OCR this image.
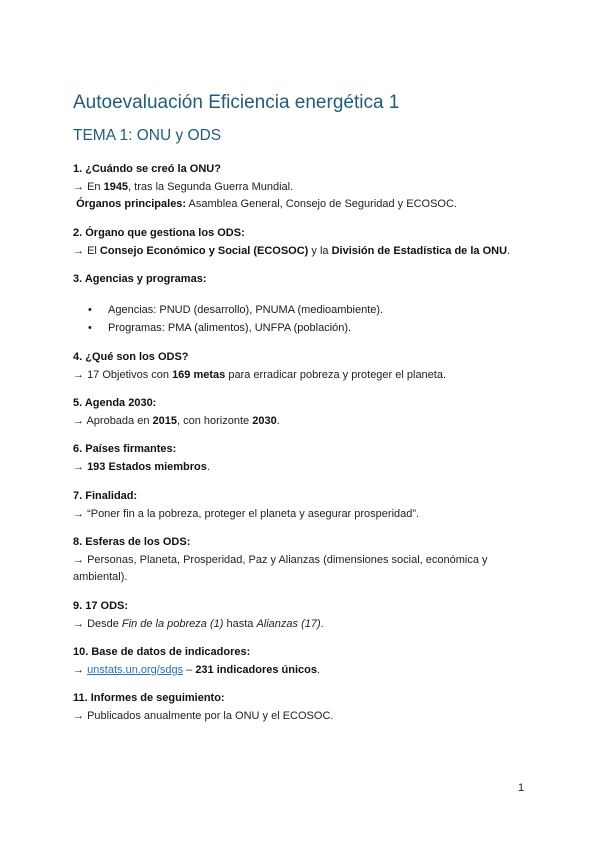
Autoevaluación Eficiencia energética 1
TEMA 1: ONU y ODS
1. ¿Cuándo se creó la ONU?
→ En 1945, tras la Segunda Guerra Mundial.
Órganos principales: Asamblea General, Consejo de Seguridad y ECOSOC.
2. Órgano que gestiona los ODS:
→ El Consejo Económico y Social (ECOSOC) y la División de Estadística de la ONU.
3. Agencias y programas:
• Agencias: PNUD (desarrollo), PNUMA (medioambiente).
• Programas: PMA (alimentos), UNFPA (población).
4. ¿Qué son los ODS?
→ 17 Objetivos con 169 metas para erradicar pobreza y proteger el planeta.
5. Agenda 2030:
→ Aprobada en 2015, con horizonte 2030.
6. Países firmantes:
→ 193 Estados miembros.
7. Finalidad:
→ “Poner fin a la pobreza, proteger el planeta y asegurar prosperidad”.
8. Esferas de los ODS:
→ Personas, Planeta, Prosperidad, Paz y Alianzas (dimensiones social, económica y ambiental).
9. 17 ODS:
→ Desde Fin de la pobreza (1) hasta Alianzas (17).
10. Base de datos de indicadores:
→ unstats.un.org/sdgs – 231 indicadores únicos.
11. Informes de seguimiento:
→ Publicados anualmente por la ONU y el ECOSOC.
1
